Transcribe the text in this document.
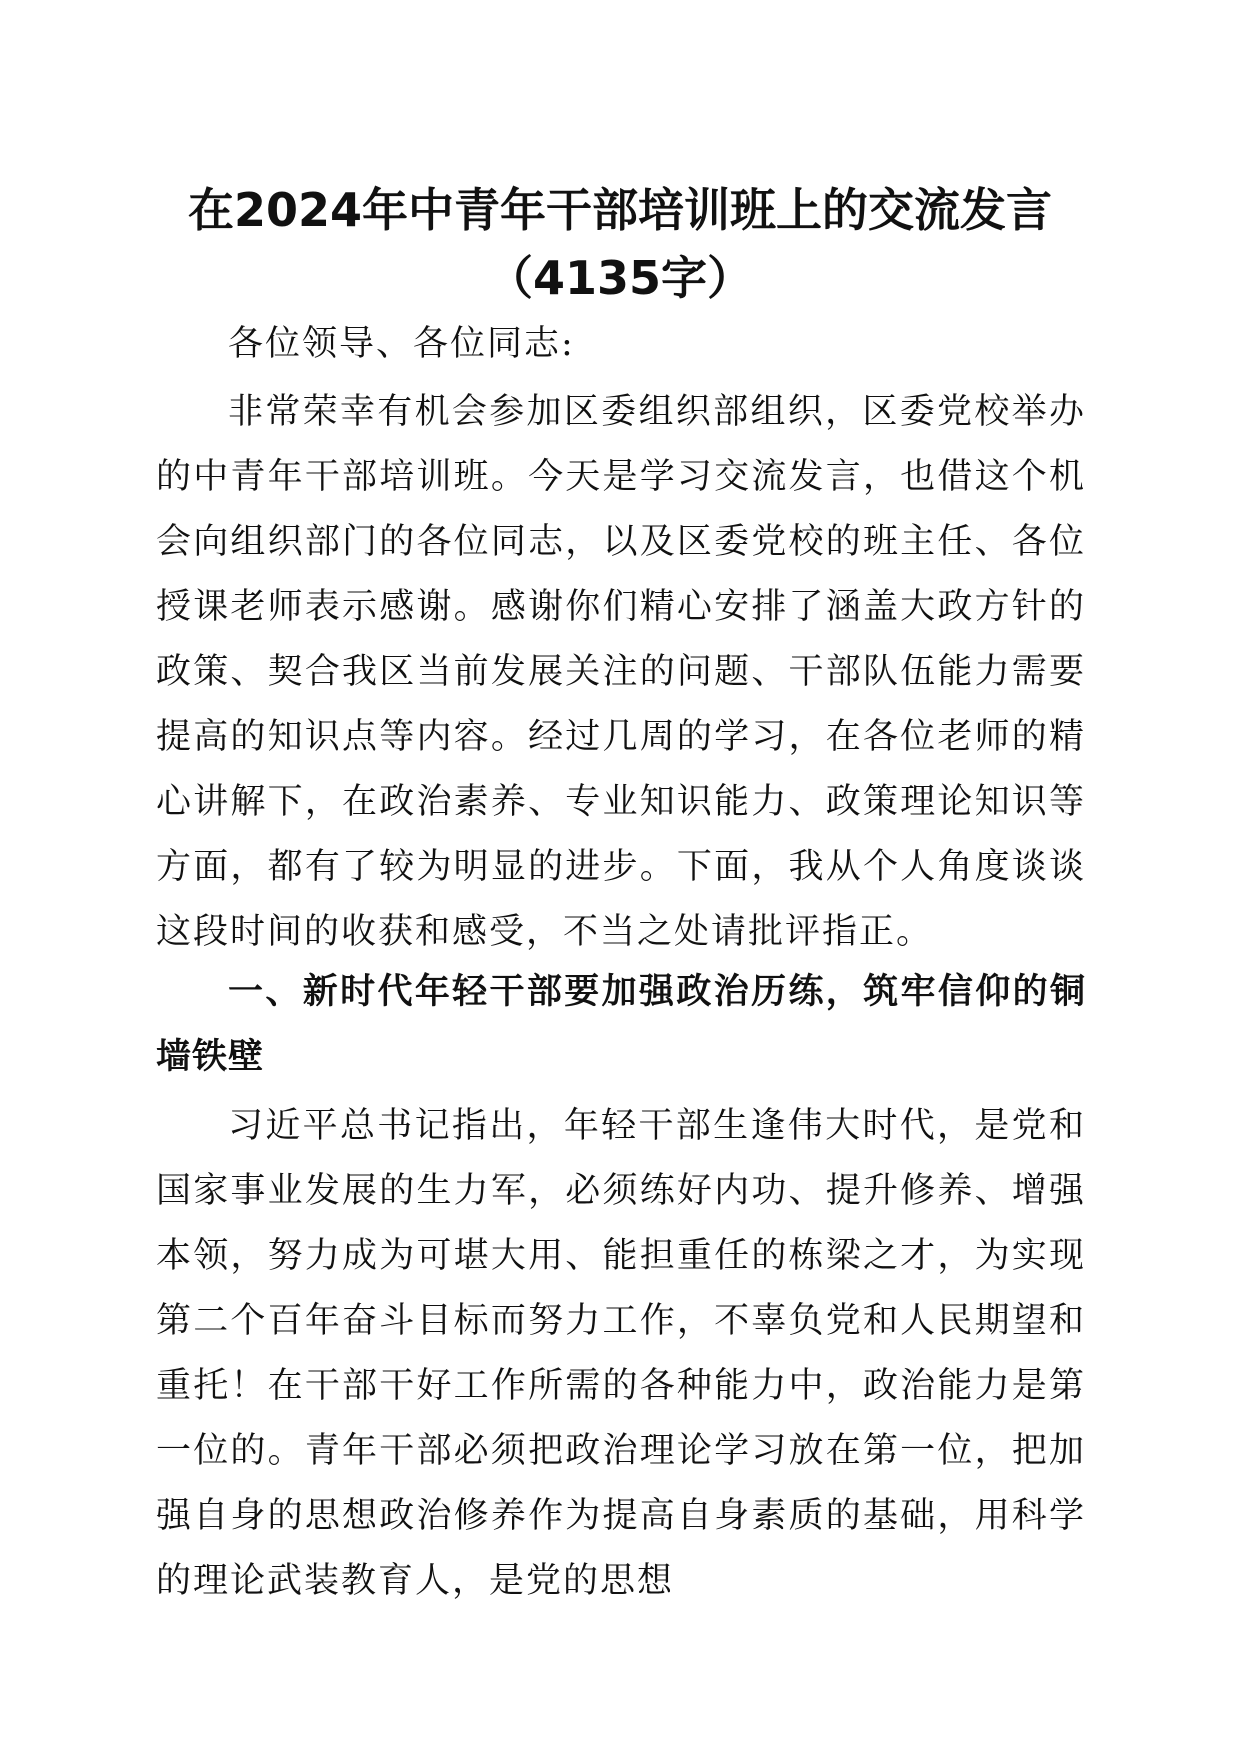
在2024年中青年干部培训班上的交流发言
（4135字）

各位领导、各位同志:

非常荣幸有机会参加区委组织部组织，区委党校举办的中青年干部培训班。今天是学习交流发言，也借这个机会向组织部门的各位同志，以及区委党校的班主任、各位授课老师表示感谢。感谢你们精心安排了涵盖大政方针的政策、契合我区当前发展关注的问题、干部队伍能力需要提高的知识点等内容。经过几周的学习，在各位老师的精心讲解下，在政治素养、专业知识能力、政策理论知识等方面，都有了较为明显的进步。下面，我从个人角度谈谈这段时间的收获和感受，不当之处请批评指正。

一、新时代年轻干部要加强政治历练，筑牢信仰的铜墙铁壁

习近平总书记指出，年轻干部生逢伟大时代，是党和国家事业发展的生力军，必须练好内功、提升修养、增强本领，努力成为可堪大用、能担重任的栋梁之才，为实现第二个百年奋斗目标而努力工作，不辜负党和人民期望和重托！在干部干好工作所需的各种能力中，政治能力是第一位的。青年干部必须把政治理论学习放在第一位，把加强自身的思想政治修养作为提高自身素质的基础，用科学的理论武装教育人，是党的思想
